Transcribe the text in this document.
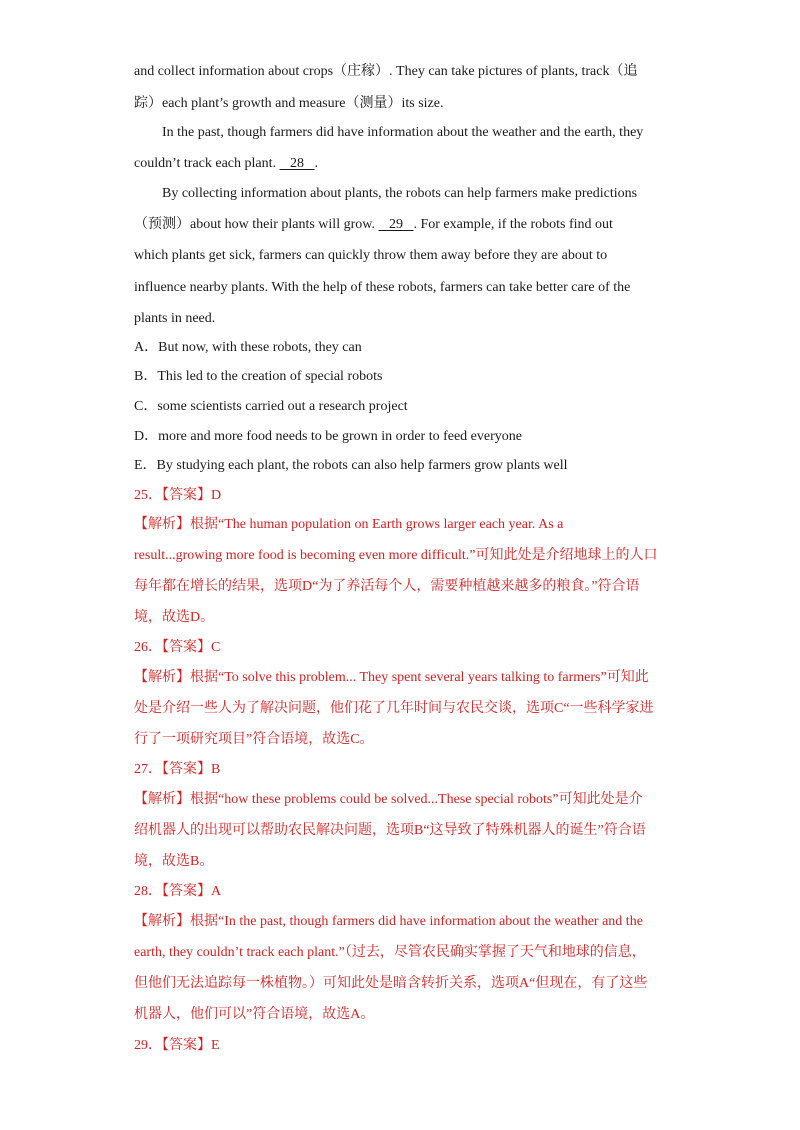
and collect information about crops（庄稼）. They can take pictures of plants, track（追
踪）each plant’s growth and measure（测量）its size.
In the past, though farmers did have information about the weather and the earth, they
couldn’t track each plant.    28   .
By collecting information about plants, the robots can help farmers make predictions
（预测）about how their plants will grow.    29   . For example, if the robots find out
which plants get sick, farmers can quickly throw them away before they are about to
influence nearby plants. With the help of these robots, farmers can take better care of the
plants in need.
A．But now, with these robots, they can
B．This led to the creation of special robots
C．some scientists carried out a research project
D．more and more food needs to be grown in order to feed everyone
E．By studying each plant, the robots can also help farmers grow plants well
25．【答案】D
【解析】根据“The human population on Earth grows larger each year. As a
result...growing more food is becoming even more difficult.”可知此处是介绍地球上的人口
每年都在增长的结果，选项D“为了养活每个人，需要种植越来越多的粮食。”符合语
境，故选D。
26．【答案】C
【解析】根据“To solve this problem... They spent several years talking to farmers”可知此
处是介绍一些人为了解决问题，他们花了几年时间与农民交谈，选项C“一些科学家进
行了一项研究项目”符合语境，故选C。
27．【答案】B
【解析】根据“how these problems could be solved...These special robots”可知此处是介
绍机器人的出现可以帮助农民解决问题，选项B“这导致了特殊机器人的诞生”符合语
境，故选B。
28．【答案】A
【解析】根据“In the past, though farmers did have information about the weather and the
earth, they couldn’t track each plant.”（过去，尽管农民确实掌握了天气和地球的信息，
但他们无法追踪每一株植物。）可知此处是暗含转折关系，选项A“但现在，有了这些
机器人，他们可以”符合语境，故选A。
29．【答案】E
